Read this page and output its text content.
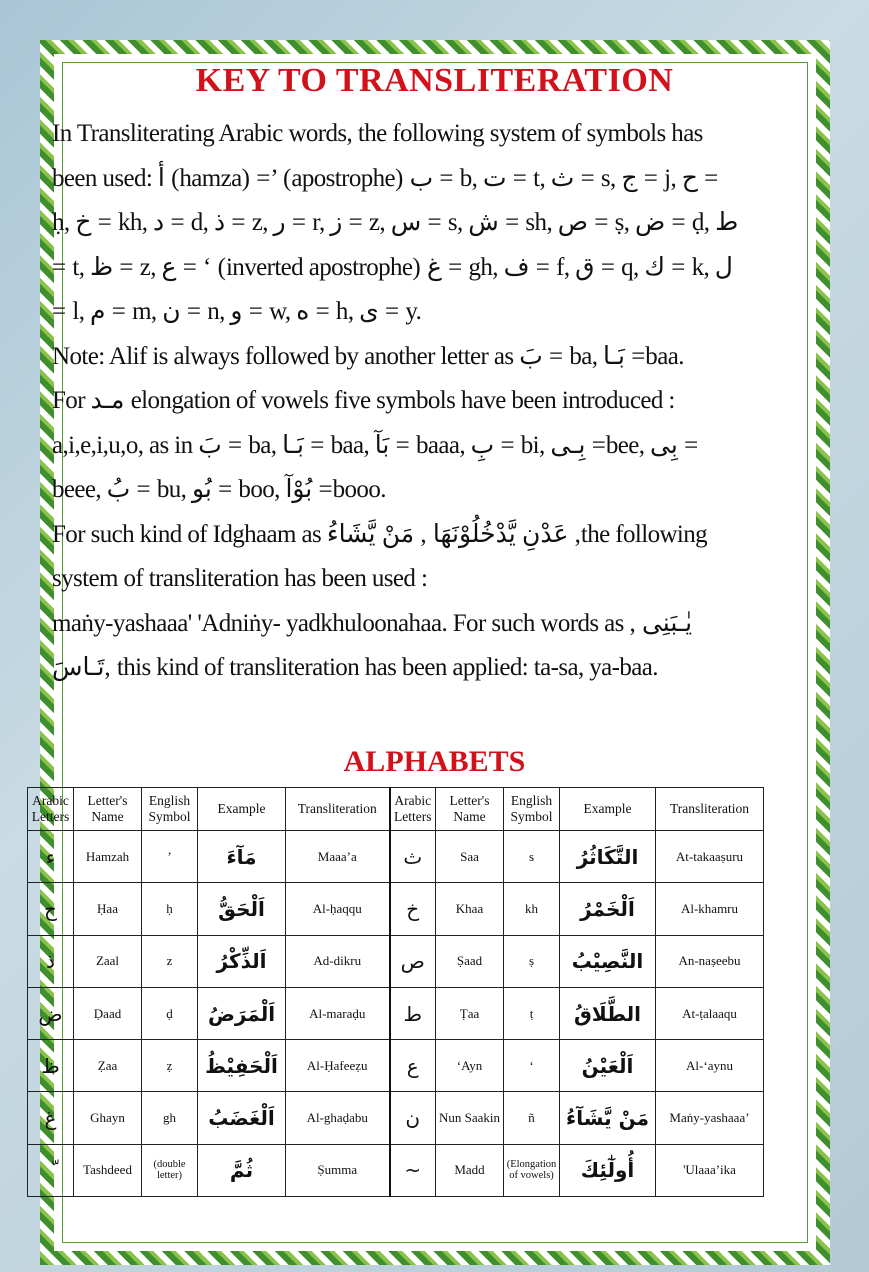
KEY TO TRANSLITERATION

In Transliterating Arabic words, the following system of symbols has been used: أ (hamza) =’ (apostrophe) ب = b, ت = t, ث = s, ج = j, ح = ḥ, خ = kh, د = d, ذ = z, ر = r, ز = z, س = s, ش = sh, ص = ṣ, ض = ḍ, ط = t, ظ = z, ع = ‘ (inverted apostrophe) غ = gh, ف = f, ق = q, ك = k, ل = l, م = m, ن = n, و = w, ه = h, ى = y.

Note: Alif is always followed by another letter as بَ = ba, بَـا =baa.

For مـد elongation of vowels five symbols have been introduced : a,i,e,i,u,o, as in بَ = ba, بَـا = baa, بَآ = baaa, بِ = bi, بِـى =bee, بِى = beee, بُ = bu, بُو = boo, بُوْآ =booo.

For such kind of Idghaam as عَدْنِ يَّدْخُلُوْنَهَا , مَنْ يَّشَاءُ ,the following system of transliteration has been used :

maṅy-yashaaa' 'Adniṅy- yadkhuloonahaa. For such words as يٰـبَنِى , تَـاسَ, this kind of transliteration has been applied: ta-sa, ya-baa.

ALPHABETS
Arabic Letters	Letter's Name	English Symbol	Example	Transliteration	Arabic Letters	Letter's Name	English Symbol	Example	Transliteration
ء	Hamzah	’	مَآءَ	Maaa’a	ث	Saa	s	التَّكَاثُرُ	At-takaaṣuru
ح	Ḥaa	ḥ	اَلْحَقُّ	Al-ḥaqqu	خ	Khaa	kh	اَلْخَمْرُ	Al-khamru
ذ	Zaal	z	اَلذِّكْرُ	Ad-dikru	ص	Ṣaad	ṣ	النَّصِيْبُ	An-naṣeebu
ض	Ḍaad	ḍ	اَلْمَرَضُ	Al-maraḍu	ط	Ṭaa	ṭ	الطَّلَاقُ	At-ṭalaaqu
ظ	Ẓaa	ẓ	اَلْحَفِيْظُ	Al-Ḥafeeẓu	ع	‘Ayn	‘	اَلْعَيْنُ	Al-‘aynu
غ	Ghayn	gh	اَلْغَضَبُ	Al-ghaḍabu	ن	Nun Saakin	ñ	مَنْ يَّشَآءُ	Maṅy-yashaaa’
	Tashdeed	(double letter)	ثُمَّ	Ṣumma	~	Madd	(Elongation of vowels)	أُولٰٓئِكَ	'Ulaaa’ika
